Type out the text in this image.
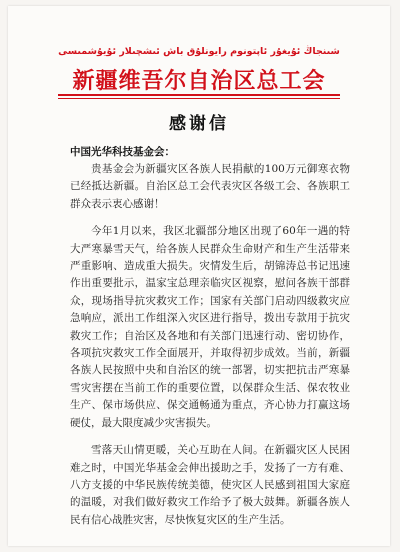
شىنجاڭ ئۇيغۇر ئاپتونوم رايونلۇق باش ئىشچىلار ئۇيۇشمىسى
新疆维吾尔自治区总工会
感谢信

中国光华科技基金会：

贵基金会为新疆灾区各族人民捐献的100万元御寒衣物已经抵达新疆。自治区总工会代表灾区各级工会、各族职工群众表示衷心感谢！

今年1月以来，我区北疆部分地区出现了60年一遇的特大严寒暴雪天气，给各族人民群众生命财产和生产生活带来严重影响、造成重大损失。灾情发生后，胡锦涛总书记迅速作出重要批示，温家宝总理亲临灾区视察，慰问各族干部群众，现场指导抗灾救灾工作；国家有关部门启动四级救灾应急响应，派出工作组深入灾区进行指导，拨出专款用于抗灾救灾工作；自治区及各地和有关部门迅速行动、密切协作，各项抗灾救灾工作全面展开，并取得初步成效。当前，新疆各族人民按照中央和自治区的统一部署，切实把抗击严寒暴雪灾害摆在当前工作的重要位置，以保群众生活、保农牧业生产、保市场供应、保交通畅通为重点，齐心协力打赢这场硬仗，最大限度减少灾害损失。

雪落天山情更暖，关心互助在人间。在新疆灾区人民困难之时，中国光华基金会伸出援助之手，发扬了一方有难、八方支援的中华民族传统美德，使灾区人民感到祖国大家庭的温暖，对我们做好救灾工作给予了极大鼓舞。新疆各族人民有信心战胜灾害，尽快恢复灾区的生产生活。
